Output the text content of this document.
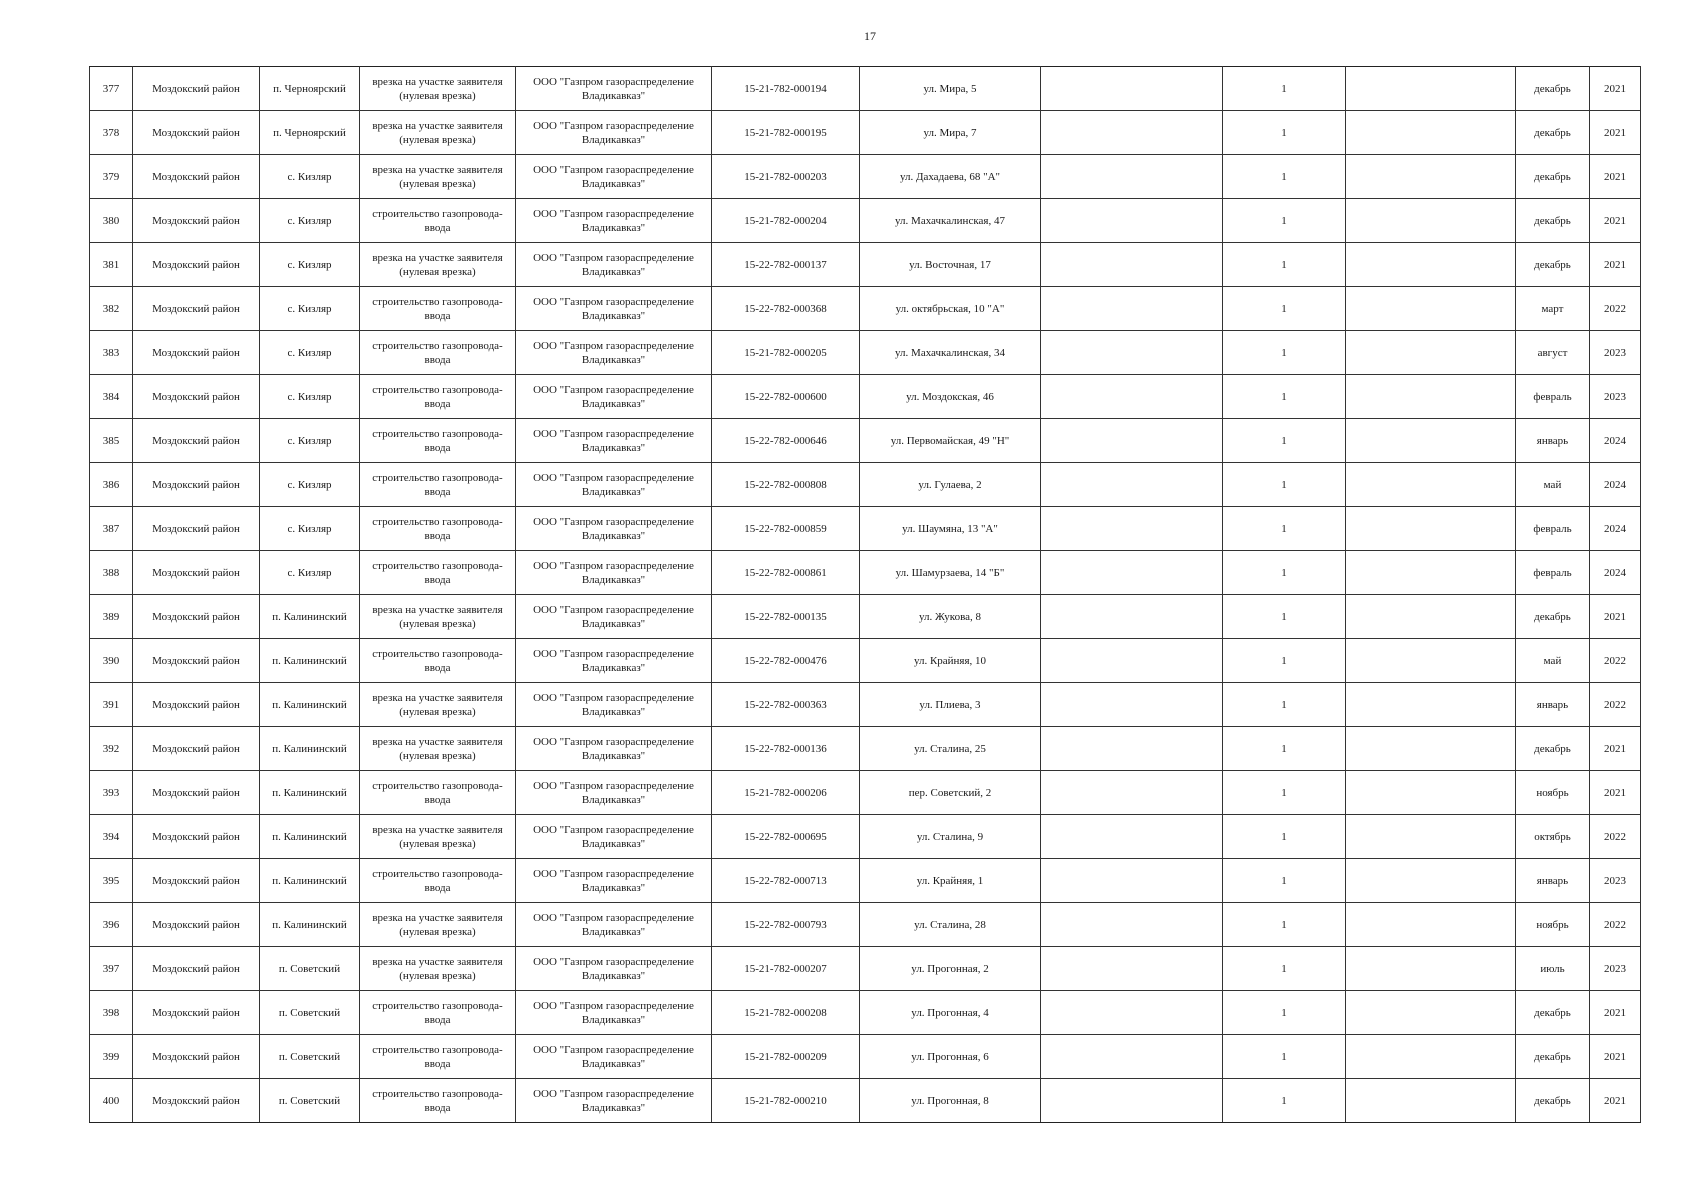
17
377	Моздокский район	п. Черноярский	врезка на участке заявителя (нулевая врезка)	ООО "Газпром газораспределение Владикавказ"	15-21-782-000194	ул. Мира, 5		1		декабрь	2021
378	Моздокский район	п. Черноярский	врезка на участке заявителя (нулевая врезка)	ООО "Газпром газораспределение Владикавказ"	15-21-782-000195	ул. Мира, 7		1		декабрь	2021
379	Моздокский район	с. Кизляр	врезка на участке заявителя (нулевая врезка)	ООО "Газпром газораспределение Владикавказ"	15-21-782-000203	ул. Дахадаева, 68 "А"		1		декабрь	2021
380	Моздокский район	с. Кизляр	строительство газопровода-ввода	ООО "Газпром газораспределение Владикавказ"	15-21-782-000204	ул. Махачкалинская, 47		1		декабрь	2021
381	Моздокский район	с. Кизляр	врезка на участке заявителя (нулевая врезка)	ООО "Газпром газораспределение Владикавказ"	15-22-782-000137	ул. Восточная, 17		1		декабрь	2021
382	Моздокский район	с. Кизляр	строительство газопровода-ввода	ООО "Газпром газораспределение Владикавказ"	15-22-782-000368	ул. октябрьская, 10 "А"		1		март	2022
383	Моздокский район	с. Кизляр	строительство газопровода-ввода	ООО "Газпром газораспределение Владикавказ"	15-21-782-000205	ул. Махачкалинская, 34		1		август	2023
384	Моздокский район	с. Кизляр	строительство газопровода-ввода	ООО "Газпром газораспределение Владикавказ"	15-22-782-000600	ул. Моздокская, 46		1		февраль	2023
385	Моздокский район	с. Кизляр	строительство газопровода-ввода	ООО "Газпром газораспределение Владикавказ"	15-22-782-000646	ул. Первомайская, 49 "Н"		1		январь	2024
386	Моздокский район	с. Кизляр	строительство газопровода-ввода	ООО "Газпром газораспределение Владикавказ"	15-22-782-000808	ул. Гулаева, 2		1		май	2024
387	Моздокский район	с. Кизляр	строительство газопровода-ввода	ООО "Газпром газораспределение Владикавказ"	15-22-782-000859	ул. Шаумяна, 13 "А"		1		февраль	2024
388	Моздокский район	с. Кизляр	строительство газопровода-ввода	ООО "Газпром газораспределение Владикавказ"	15-22-782-000861	ул. Шамурзаева, 14 "Б"		1		февраль	2024
389	Моздокский район	п. Калининский	врезка на участке заявителя (нулевая врезка)	ООО "Газпром газораспределение Владикавказ"	15-22-782-000135	ул. Жукова, 8		1		декабрь	2021
390	Моздокский район	п. Калининский	строительство газопровода-ввода	ООО "Газпром газораспределение Владикавказ"	15-22-782-000476	ул. Крайняя, 10		1		май	2022
391	Моздокский район	п. Калининский	врезка на участке заявителя (нулевая врезка)	ООО "Газпром газораспределение Владикавказ"	15-22-782-000363	ул. Плиева, 3		1		январь	2022
392	Моздокский район	п. Калининский	врезка на участке заявителя (нулевая врезка)	ООО "Газпром газораспределение Владикавказ"	15-22-782-000136	ул. Сталина, 25		1		декабрь	2021
393	Моздокский район	п. Калининский	строительство газопровода-ввода	ООО "Газпром газораспределение Владикавказ"	15-21-782-000206	пер. Советский, 2		1		ноябрь	2021
394	Моздокский район	п. Калининский	врезка на участке заявителя (нулевая врезка)	ООО "Газпром газораспределение Владикавказ"	15-22-782-000695	ул. Сталина, 9		1		октябрь	2022
395	Моздокский район	п. Калининский	строительство газопровода-ввода	ООО "Газпром газораспределение Владикавказ"	15-22-782-000713	ул. Крайняя, 1		1		январь	2023
396	Моздокский район	п. Калининский	врезка на участке заявителя (нулевая врезка)	ООО "Газпром газораспределение Владикавказ"	15-22-782-000793	ул. Сталина, 28		1		ноябрь	2022
397	Моздокский район	п. Советский	врезка на участке заявителя (нулевая врезка)	ООО "Газпром газораспределение Владикавказ"	15-21-782-000207	ул. Прогонная, 2		1		июль	2023
398	Моздокский район	п. Советский	строительство газопровода-ввода	ООО "Газпром газораспределение Владикавказ"	15-21-782-000208	ул. Прогонная, 4		1		декабрь	2021
399	Моздокский район	п. Советский	строительство газопровода-ввода	ООО "Газпром газораспределение Владикавказ"	15-21-782-000209	ул. Прогонная, 6		1		декабрь	2021
400	Моздокский район	п. Советский	строительство газопровода-ввода	ООО "Газпром газораспределение Владикавказ"	15-21-782-000210	ул. Прогонная, 8		1		декабрь	2021
